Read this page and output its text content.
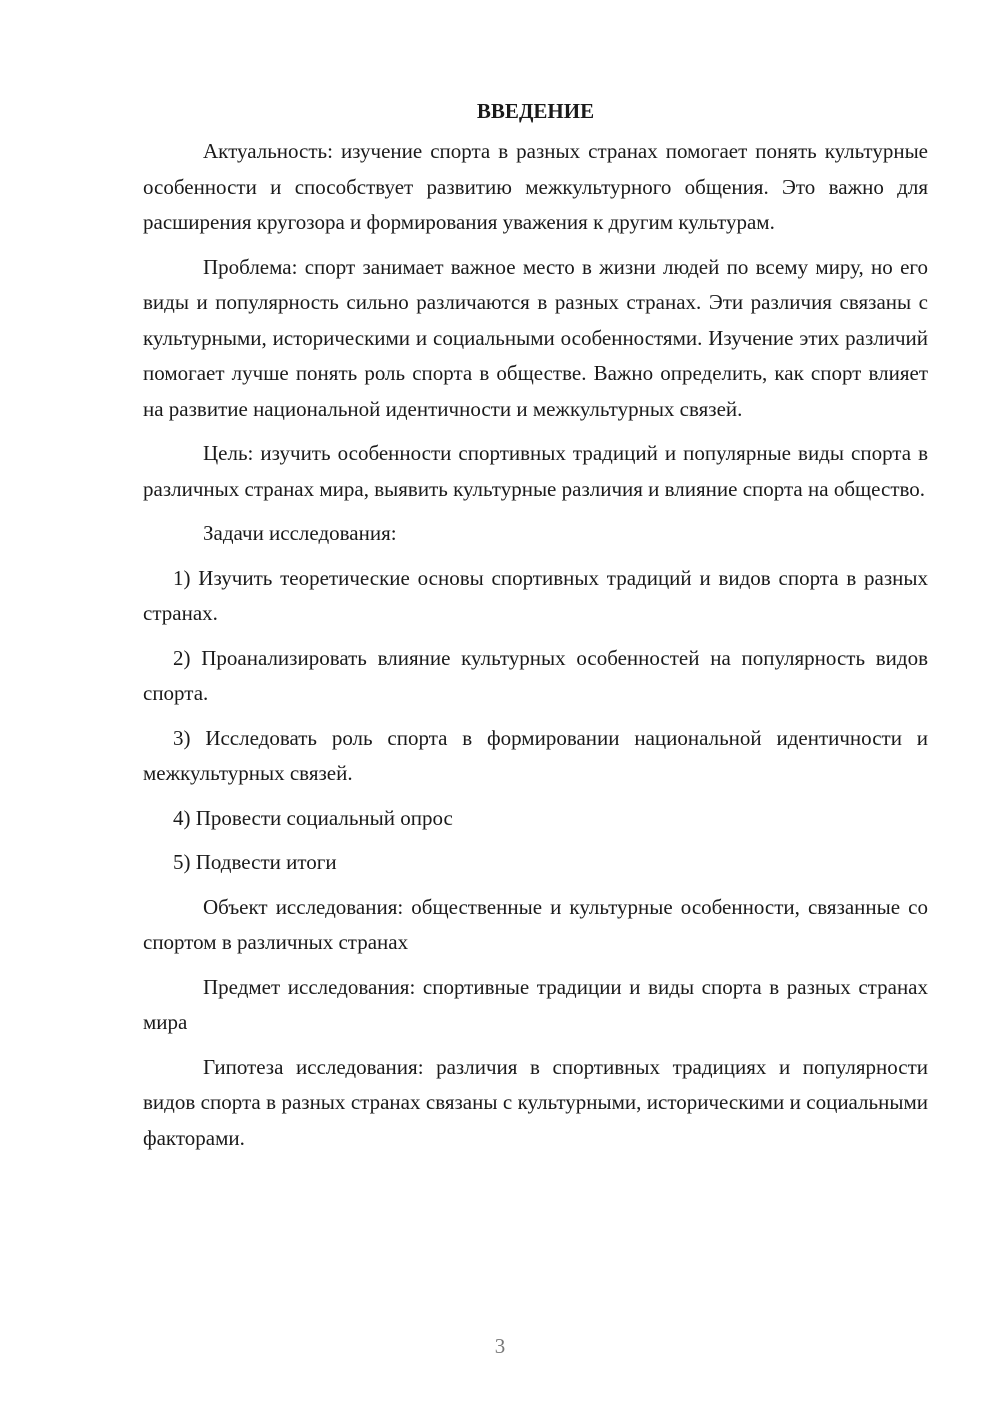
ВВЕДЕНИЕ

Актуальность: изучение спорта в разных странах помогает понять культурные особенности и способствует развитию межкультурного общения. Это важно для расширения кругозора и формирования уважения к другим культурам.

Проблема: спорт занимает важное место в жизни людей по всему миру, но его виды и популярность сильно различаются в разных странах. Эти различия связаны с культурными, историческими и социальными особенностями. Изучение этих различий помогает лучше понять роль спорта в обществе. Важно определить, как спорт влияет на развитие национальной идентичности и межкультурных связей.

Цель: изучить особенности спортивных традиций и популярные виды спорта в различных странах мира, выявить культурные различия и влияние спорта на общество.

Задачи исследования:

1) Изучить теоретические основы спортивных традиций и видов спорта в разных странах.

2) Проанализировать влияние культурных особенностей на популярность видов спорта.

3) Исследовать роль спорта в формировании национальной идентичности и межкультурных связей.

4) Провести социальный опрос

5) Подвести итоги

Объект исследования: общественные и культурные особенности, связанные со спортом в различных странах

Предмет исследования: спортивные традиции и виды спорта в разных странах мира

Гипотеза исследования: различия в спортивных традициях и популярности видов спорта в разных странах связаны с культурными, историческими и социальными факторами.

3
